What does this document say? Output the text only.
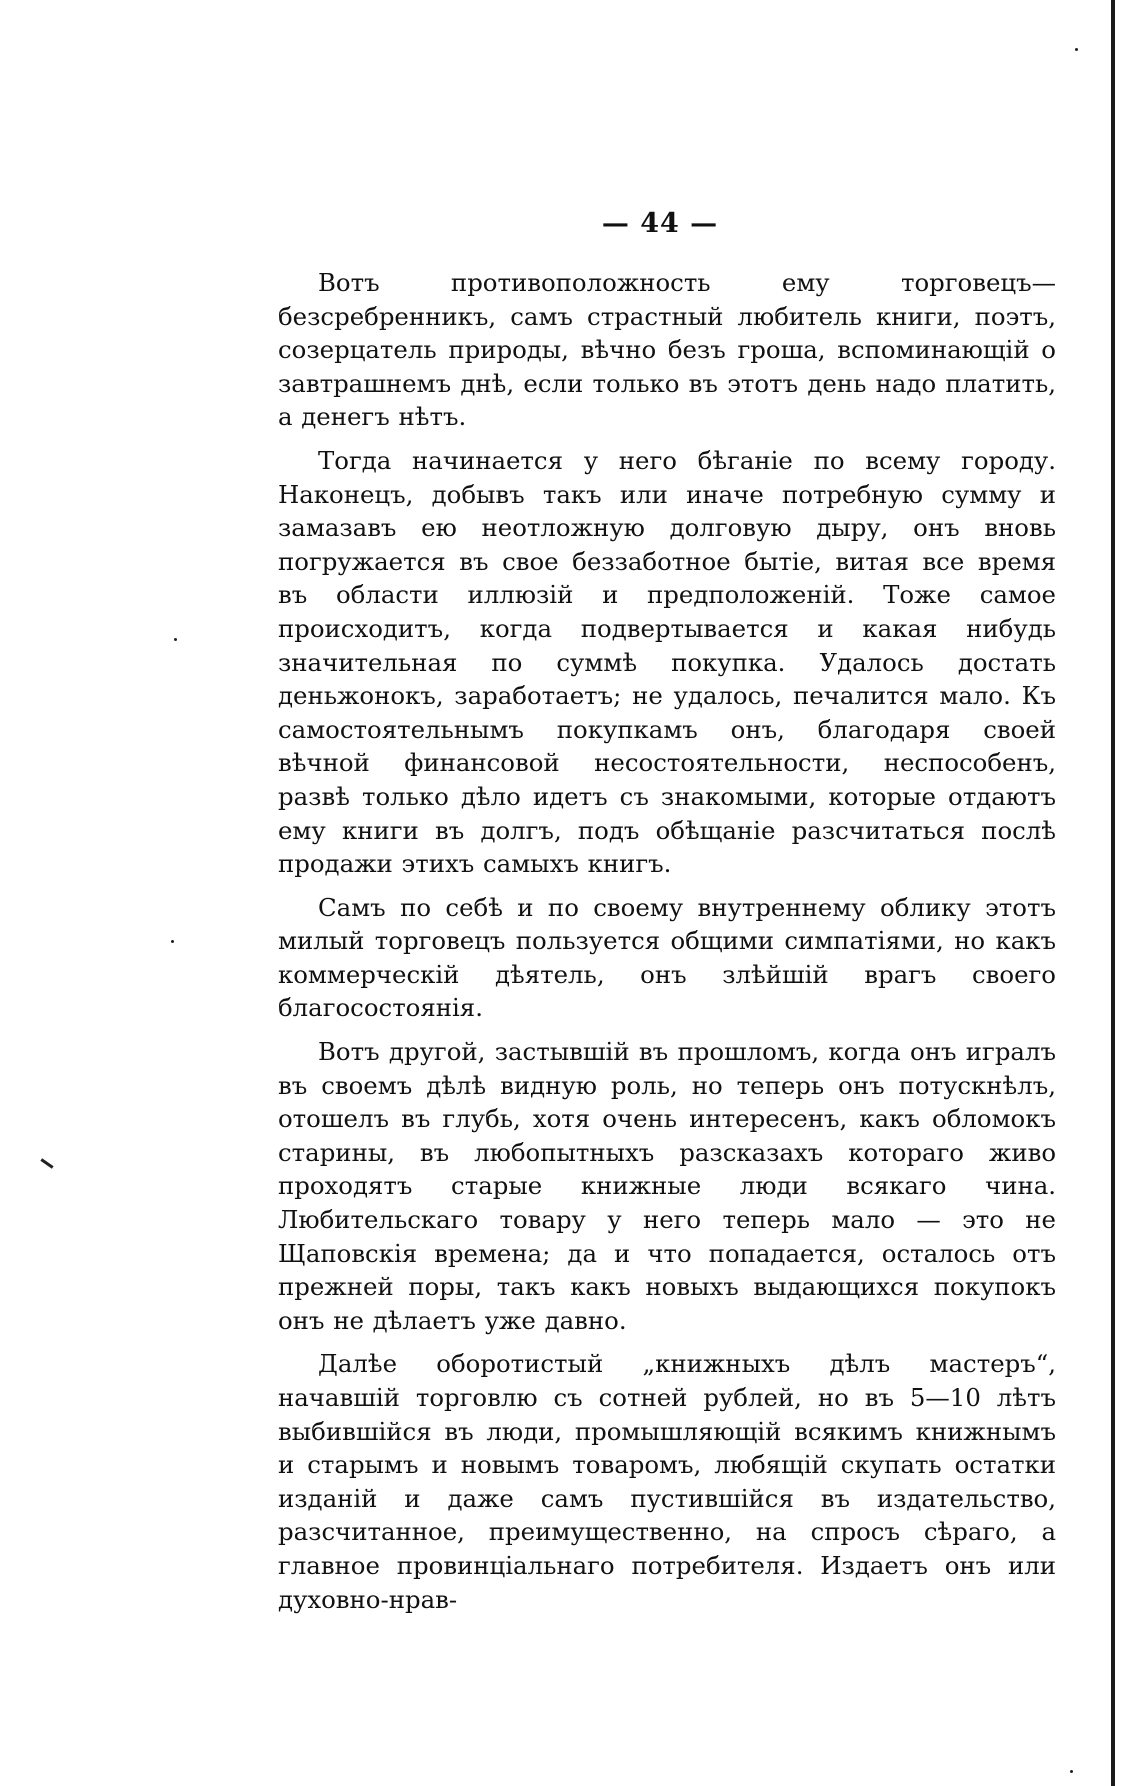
— 44 —

Вотъ противоположность ему торговецъ—безсребренникъ, самъ страстный любитель книги, поэтъ, созерцатель природы, вѣчно безъ гроша, вспоминающій о завтрашнемъ днѣ, если только въ этотъ день надо платить, а денегъ нѣтъ.

Тогда начинается у него бѣганіе по всему городу. Наконецъ, добывъ такъ или иначе потребную сумму и замазавъ ею неотложную долговую дыру, онъ вновь погружается въ свое беззаботное бытіе, витая все время въ области иллюзій и предположеній. Тоже самое происходитъ, когда подвертывается и какая нибудь значительная по суммѣ покупка. Удалось достать деньжонокъ, заработаетъ; не удалось, печалится мало. Къ самостоятельнымъ покупкамъ онъ, благодаря своей вѣчной финансовой несостоятельности, неспособенъ, развѣ только дѣло идетъ съ знакомыми, которые отдаютъ ему книги въ долгъ, подъ обѣщаніе разсчитаться послѣ продажи этихъ самыхъ книгъ.

Самъ по себѣ и по своему внутреннему облику этотъ милый торговецъ пользуется общими симпатіями, но какъ коммерческій дѣятель, онъ злѣйшій врагъ своего благосостоянія.

Вотъ другой, застывшій въ прошломъ, когда онъ игралъ въ своемъ дѣлѣ видную роль, но теперь онъ потускнѣлъ, отошелъ въ глубь, хотя очень интересенъ, какъ обломокъ старины, въ любопытныхъ разсказахъ котораго живо проходятъ старые книжные люди всякаго чина. Любительскаго товару у него теперь мало — это не Щаповскія времена; да и что попадается, осталось отъ прежней поры, такъ какъ новыхъ выдающихся покупокъ онъ не дѣлаетъ уже давно.

Далѣе оборотистый „книжныхъ дѣлъ мастеръ“, начавшій торговлю съ сотней рублей, но въ 5—10 лѣтъ выбившійся въ люди, промышляющій всякимъ книжнымъ и старымъ и новымъ товаромъ, любящій скупать остатки изданій и даже самъ пустившійся въ издательство, разсчитанное, преимущественно, на спросъ сѣраго, а главное провинціальнаго потребителя. Издаетъ онъ или духовно-нрав-
